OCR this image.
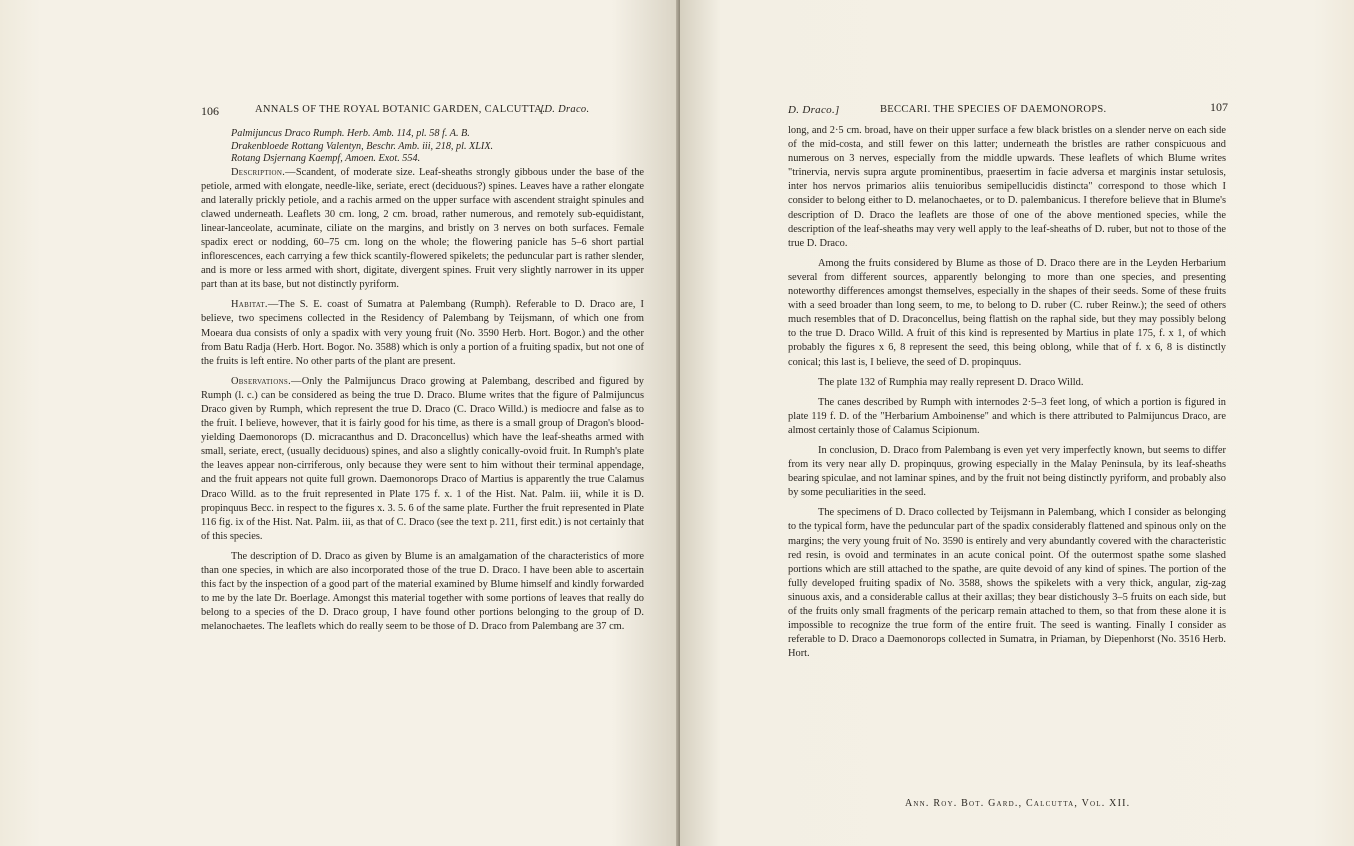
106	ANNALS OF THE ROYAL BOTANIC GARDEN, CALCUTTA.
[D. Draco.

Palmijuncus Draco Rumph. Herb. Amb. 114, pl. 58 f. A. B.

Drakenbloede Rottang Valentyn, Beschr. Amb. iii, 218, pl. XLIX.

Rotang Dsjernang Kaempf, Amoen. Exot. 554.

Description.—Scandent, of moderate size. Leaf-sheaths strongly gibbous under the base of the petiole, armed with elongate, needle-like, seriate, erect (deciduous?) spines. Leaves have a rather elongate and laterally prickly petiole, and a rachis armed on the upper surface with ascendent straight spinules and clawed underneath. Leaflets 30 cm. long, 2 cm. broad, rather numerous, and remotely sub-equidistant, linear-lanceolate, acuminate, ciliate on the margins, and bristly on 3 nerves on both surfaces. Female spadix erect or nodding, 60–75 cm. long on the whole; the flowering panicle has 5–6 short partial inflorescences, each carrying a few thick scantily-flowered spikelets; the peduncular part is rather slender, and is more or less armed with short, digitate, divergent spines. Fruit very slightly narrower in its upper part than at its base, but not distinctly pyriform.

Habitat.—The S. E. coast of Sumatra at Palembang (Rumph). Referable to D. Draco are, I believe, two specimens collected in the Residency of Palembang by Teijsmann, of which one from Moeara dua consists of only a spadix with very young fruit (No. 3590 Herb. Hort. Bogor.) and the other from Batu Radja (Herb. Hort. Bogor. No. 3588) which is only a portion of a fruiting spadix, but not one of the fruits is left entire. No other parts of the plant are present.

Observations.—Only the Palmijuncus Draco growing at Palembang, described and figured by Rumph (l. c.) can be considered as being the true D. Draco. Blume writes that the figure of Palmijuncus Draco given by Rumph, which represent the true D. Draco (C. Draco Willd.) is mediocre and false as to the fruit. I believe, however, that it is fairly good for his time, as there is a small group of Dragon's blood-yielding Daemonorops (D. micracanthus and D. Draconcellus) which have the leaf-sheaths armed with small, seriate, erect, (usually deciduous) spines, and also a slightly conically-ovoid fruit. In Rumph's plate the leaves appear non-cirriferous, only because they were sent to him without their terminal appendage, and the fruit appears not quite full grown. Daemonorops Draco of Martius is apparently the true Calamus Draco Willd. as to the fruit represented in Plate 175 f. x. 1 of the Hist. Nat. Palm. iii, while it is D. propinquus Becc. in respect to the figures x. 3. 5. 6 of the same plate. Further the fruit represented in Plate 116 fig. ix of the Hist. Nat. Palm. iii, as that of C. Draco (see the text p. 211, first edit.) is not certainly that of this species.

The description of D. Draco as given by Blume is an amalgamation of the characteristics of more than one species, in which are also incorporated those of the true D. Draco. I have been able to ascertain this fact by the inspection of a good part of the material examined by Blume himself and kindly forwarded to me by the late Dr. Boerlage. Amongst this material together with some portions of leaves that really do belong to a species of the D. Draco group, I have found other portions belonging to the group of D. melanochaetes. The leaflets which do really seem to be those of D. Draco from Palembang are 37 cm.

D. Draco.]	BECCARI. THE SPECIES OF DAEMONOROPS.	107

long, and 2·5 cm. broad, have on their upper surface a few black bristles on a slender nerve on each side of the mid-costa, and still fewer on this latter; underneath the bristles are rather conspicuous and numerous on 3 nerves, especially from the middle upwards. These leaflets of which Blume writes "trinervia, nervis supra argute prominentibus, praesertim in facie adversa et marginis instar setulosis, inter hos nervos primarios aliis tenuioribus semipellucidis distincta" correspond to those which I consider to belong either to D. melanochaetes, or to D. palembanicus. I therefore believe that in Blume's description of D. Draco the leaflets are those of one of the above mentioned species, while the description of the leaf-sheaths may very well apply to the leaf-sheaths of D. ruber, but not to those of the true D. Draco.

Among the fruits considered by Blume as those of D. Draco there are in the Leyden Herbarium several from different sources, apparently belonging to more than one species, and presenting noteworthy differences amongst themselves, especially in the shapes of their seeds. Some of these fruits with a seed broader than long seem, to me, to belong to D. ruber (C. ruber Reinw.); the seed of others much resembles that of D. Draconcellus, being flattish on the raphal side, but they may possibly belong to the true D. Draco Willd. A fruit of this kind is represented by Martius in plate 175, f. x 1, of which probably the figures x 6, 8 represent the seed, this being oblong, while that of f. x 6, 8 is distinctly conical; this last is, I believe, the seed of D. propinquus.

The plate 132 of Rumphia may really represent D. Draco Willd.

The canes described by Rumph with internodes 2·5–3 feet long, of which a portion is figured in plate 119 f. D. of the "Herbarium Amboinense" and which is there attributed to Palmijuncus Draco, are almost certainly those of Calamus Scipionum.

In conclusion, D. Draco from Palembang is even yet very imperfectly known, but seems to differ from its very near ally D. propinquus, growing especially in the Malay Peninsula, by its leaf-sheaths bearing spiculae, and not laminar spines, and by the fruit not being distinctly pyriform, and probably also by some peculiarities in the seed.

The specimens of D. Draco collected by Teijsmann in Palembang, which I consider as belonging to the typical form, have the peduncular part of the spadix considerably flattened and spinous only on the margins; the very young fruit of No. 3590 is entirely and very abundantly covered with the characteristic red resin, is ovoid and terminates in an acute conical point. Of the outermost spathe some slashed portions which are still attached to the spathe, are quite devoid of any kind of spines. The portion of the fully developed fruiting spadix of No. 3588, shows the spikelets with a very thick, angular, zig-zag sinuous axis, and a considerable callus at their axillas; they bear distichously 3–5 fruits on each side, but of the fruits only small fragments of the pericarp remain attached to them, so that from these alone it is impossible to recognize the true form of the entire fruit. The seed is wanting. Finally I consider as referable to D. Draco a Daemonorops collected in Sumatra, in Priaman, by Diepenhorst (No. 3516 Herb. Hort.

Ann. Roy. Bot. Gard., Calcutta, Vol. XII.
